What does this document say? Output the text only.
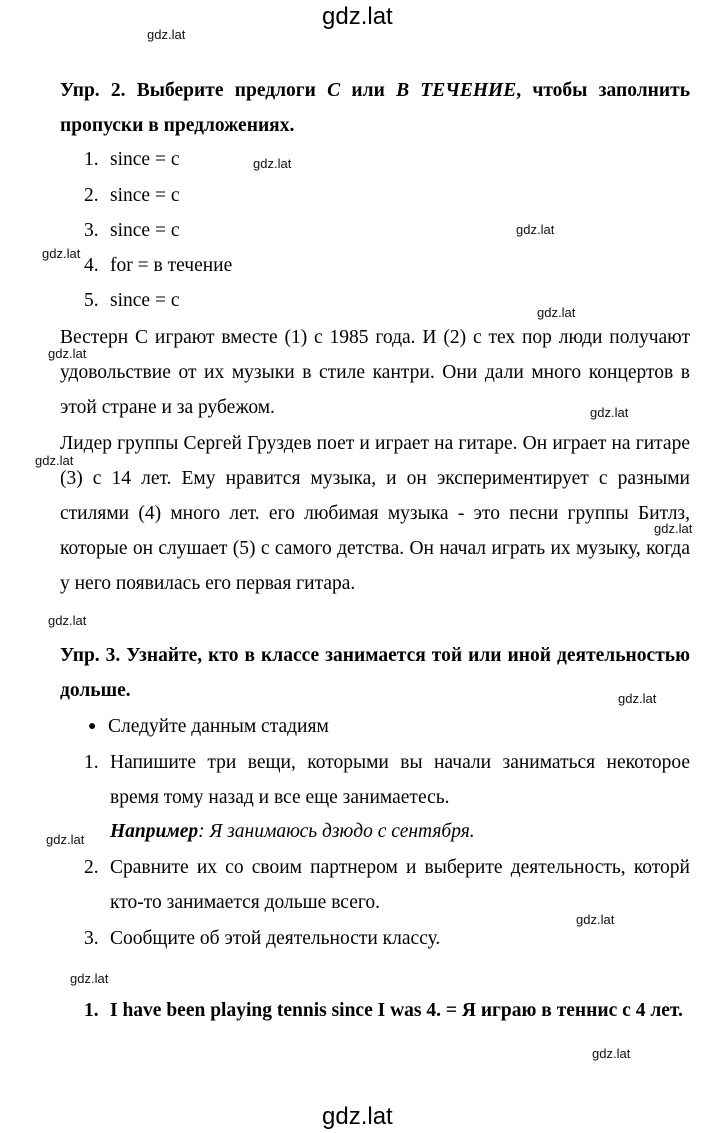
gdz.lat
gdz.lat
gdz.lat
gdz.lat
gdz.lat
gdz.lat
gdz.lat
gdz.lat
gdz.lat
gdz.lat
gdz.lat
gdz.lat
gdz.lat
gdz.lat
gdz.lat
gdz.lat
gdz.lat
Упр. 2. Выберите предлоги С или В ТЕЧЕНИЕ, чтобы заполнить пропуски в предложениях.
1. since = с
2. since = с
3. since = с
4. for = в течение
5. since = с
Вестерн С играют вместе (1) с 1985 года. И (2) с тех пор люди получают удовольствие от их музыки в стиле кантри. Они дали много концертов в этой стране и за рубежом.
Лидер группы Сергей Груздев поет и играет на гитаре. Он играет на гитаре (3) с 14 лет. Ему нравится музыка, и он экспериментирует с разными стилями (4) много лет. его любимая музыка - это песни группы Битлз, которые он слушает (5) с самого детства. Он начал играть их музыку, когда у него появилась его первая гитара.
Упр. 3. Узнайте, кто в классе занимается той или иной деятельностью дольше.
● Следуйте данным стадиям
1. Напишите три вещи, которыми вы начали заниматься некоторое время тому назад и все еще занимаетесь.
Например: Я занимаюсь дзюдо с сентября.
2. Сравните их со своим партнером и выберите деятельность, которй кто-то занимается дольше всего.
3. Сообщите об этой деятельности классу.
1. I have been playing tennis since I was 4. = Я играю в теннис с 4 лет.
